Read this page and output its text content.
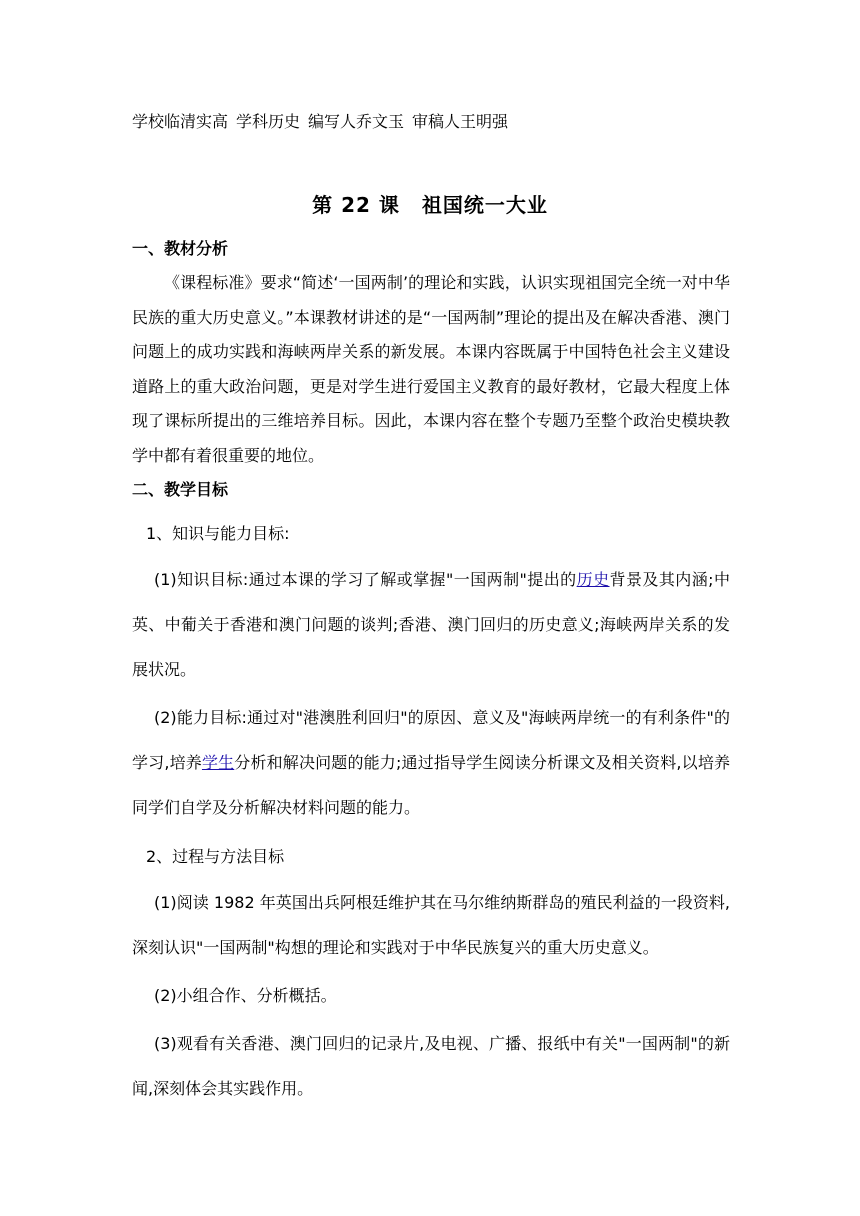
学校临清实高 学科历史 编写人乔文玉 审稿人王明强
第 22 课 祖国统一大业
一、教材分析

《课程标准》要求“简述‘一国两制’的理论和实践，认识实现祖国完全统一对中华民族的重大历史意义。”本课教材讲述的是“一国两制”理论的提出及在解决香港、澳门问题上的成功实践和海峡两岸关系的新发展。本课内容既属于中国特色社会主义建设道路上的重大政治问题，更是对学生进行爱国主义教育的最好教材，它最大程度上体现了课标所提出的三维培养目标。因此，本课内容在整个专题乃至整个政治史模块教学中都有着很重要的地位。

二、教学目标
1、知识与能力目标:

(1)知识目标:通过本课的学习了解或掌握"一国两制"提出的历史背景及其内涵;中英、中葡关于香港和澳门问题的谈判;香港、澳门回归的历史意义;海峡两岸关系的发展状况。

(2)能力目标:通过对"港澳胜利回归"的原因、意义及"海峡两岸统一的有利条件"的学习,培养学生分析和解决问题的能力;通过指导学生阅读分析课文及相关资料,以培养同学们自学及分析解决材料问题的能力。

2、过程与方法目标

(1)阅读 1982 年英国出兵阿根廷维护其在马尔维纳斯群岛的殖民利益的一段资料,深刻认识"一国两制"构想的理论和实践对于中华民族复兴的重大历史意义。

(2)小组合作、分析概括。

(3)观看有关香港、澳门回归的记录片,及电视、广播、报纸中有关"一国两制"的新闻,深刻体会其实践作用。
